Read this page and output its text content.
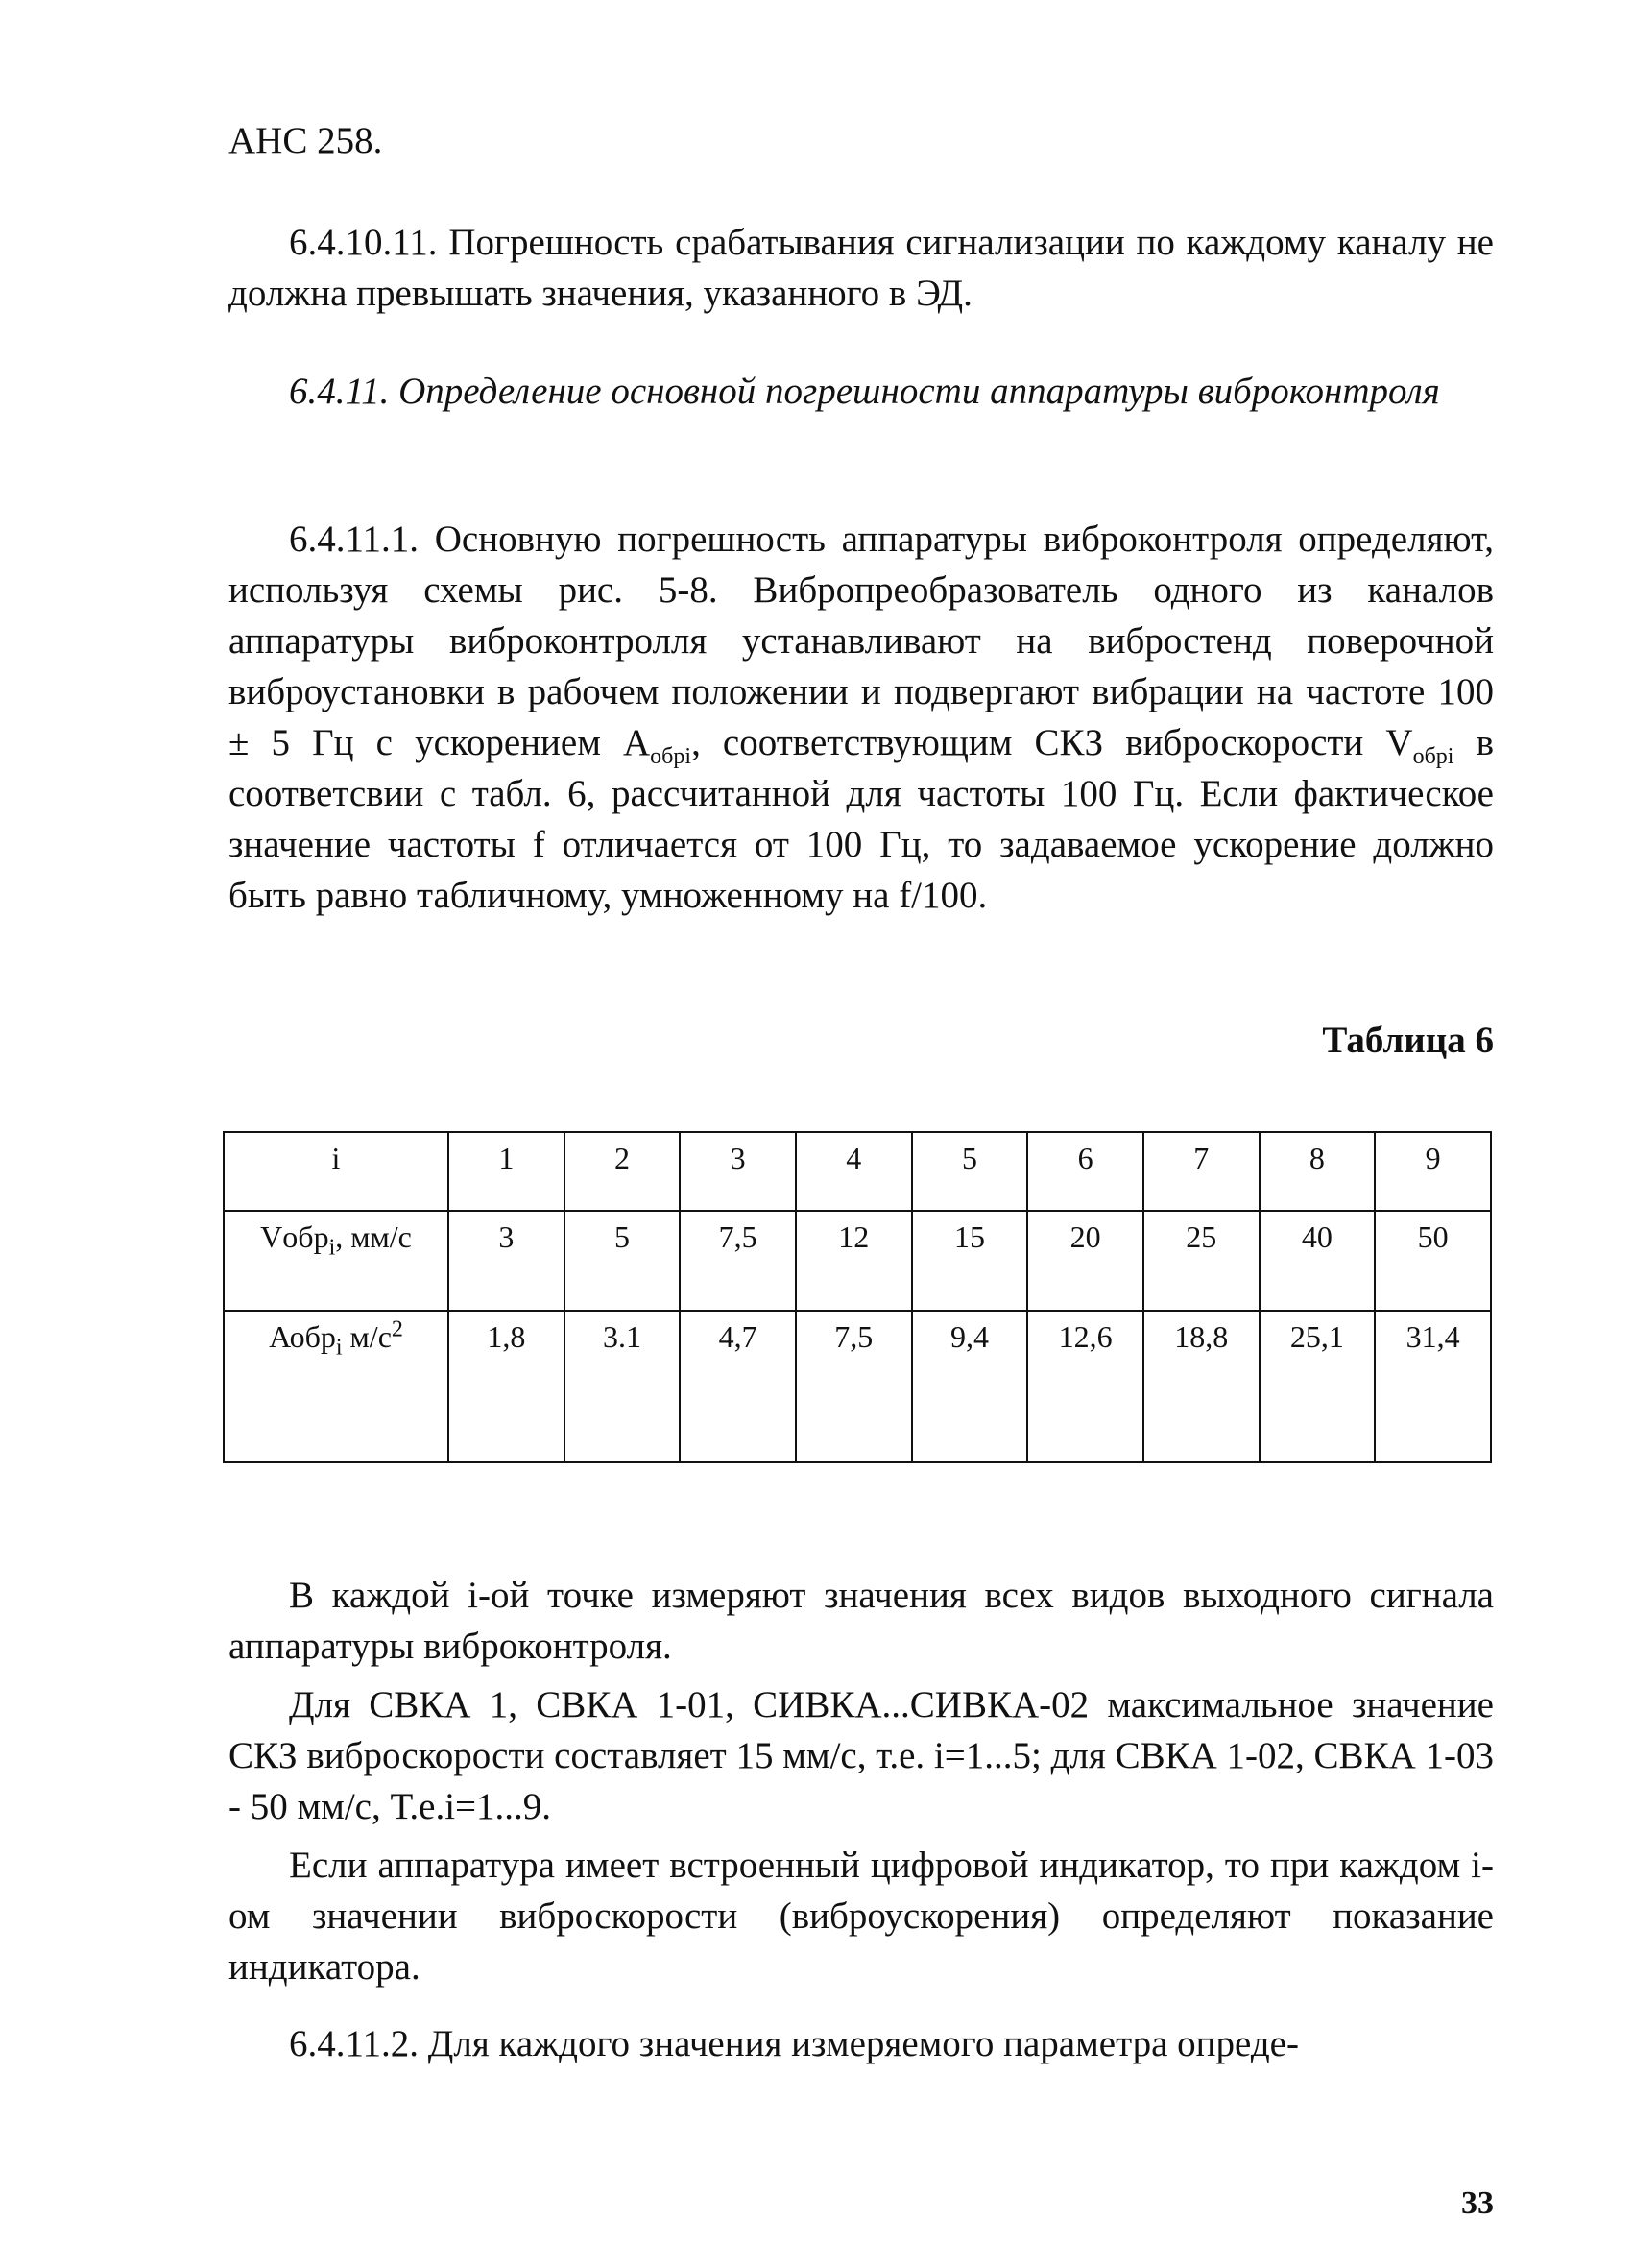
АНС 258.

6.4.10.11. Погрешность срабатывания сигнализации по каждому каналу не должна превышать значения, указанного в ЭД.

6.4.11. Определение основной погрешности аппаратуры виброконтроля

6.4.11.1. Основную погрешность аппаратуры виброконтроля определяют, используя схемы рис. 5-8. Вибропреобразователь одного из каналов аппаратуры виброконтролля устанавливают на вибростенд поверочной виброустановки в рабочем положении и подвергают вибрации на частоте 100 ± 5 Гц с ускорением $А_{обрi}$, соответствующим СКЗ виброскорости $V_{обрi}$ в соответсвии с табл. 6, рассчитанной для частоты 100 Гц. Если фактическое значение частоты f отличается от 100 Гц, то задаваемое ускорение должно быть равно табличному, умноженному на f/100.

Таблица 6

i	1	2	3	4	5	6	7	8	9
Vобр$_i$, мм/с	3	5	7,5	12	15	20	25	40	50
Аобр$_i$ $м/с^2$	1,8	3.1	4,7	7,5	9,4	12,6	18,8	25,1	31,4

В каждой i-ой точке измеряют значения всех видов выходного сигнала аппаратуры виброконтроля.

Для СВКА 1, СВКА 1-01, СИВКА...СИВКА-02 максимальное значение СКЗ виброскорости составляет 15 мм/с, т.е. i=1...5; для СВКА 1-02, СВКА 1-03 - 50 мм/с, Т.е.i=1...9.

Если аппаратура имеет встроенный цифровой индикатор, то при каждом i-ом значении виброскорости (виброускорения) определяют показание индикатора.

6.4.11.2. Для каждого значения измеряемого параметра опреде-

33
